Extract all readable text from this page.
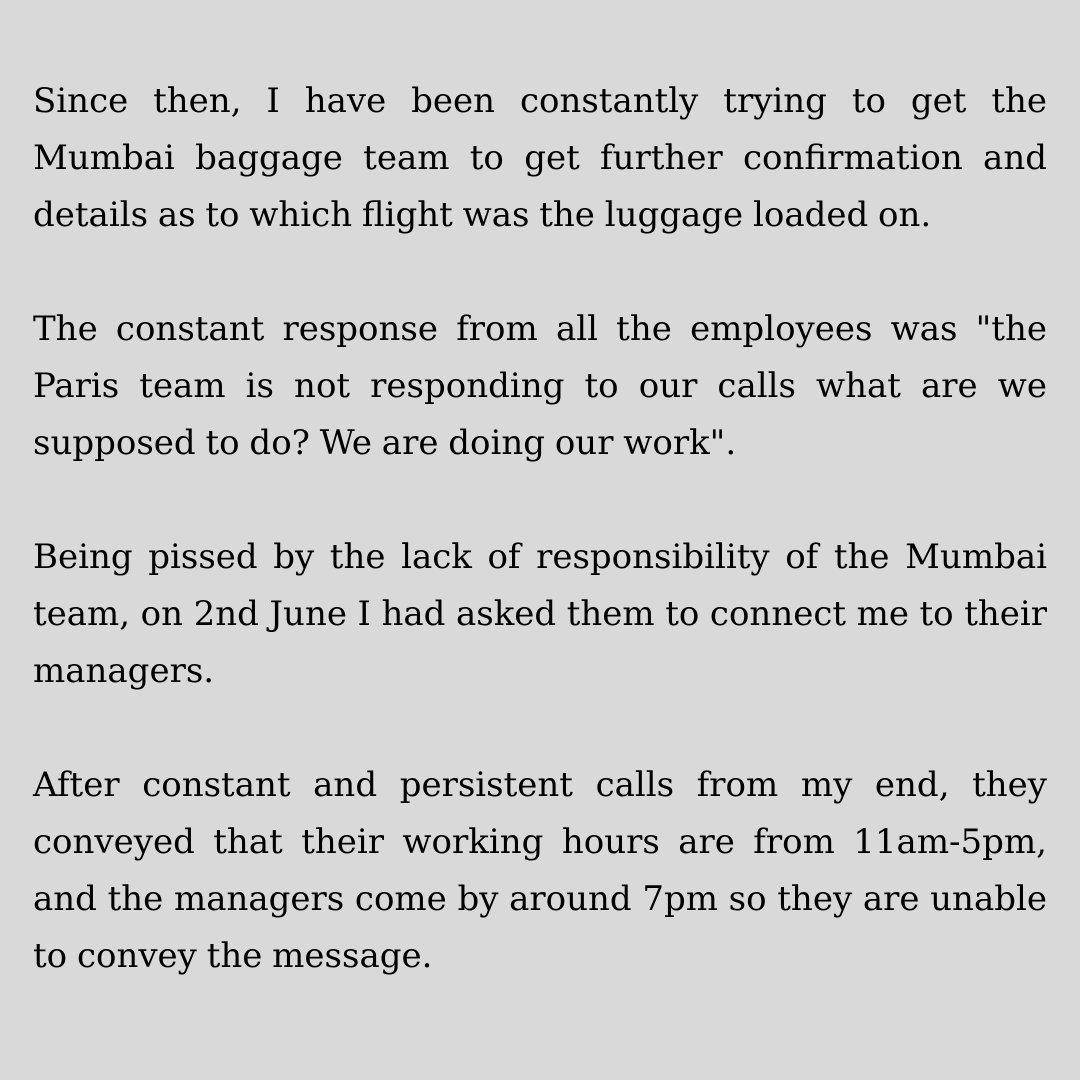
Since then, I have been constantly trying to get the Mumbai baggage team to get further confirmation and details as to which flight was the luggage loaded on.

The constant response from all the employees was "the Paris team is not responding to our calls what are we supposed to do? We are doing our work".

Being pissed by the lack of responsibility of the Mumbai team, on 2nd June I had asked them to connect me to their managers.

After constant and persistent calls from my end, they conveyed that their working hours are from 11am-5pm, and the managers come by around 7pm so they are unable to convey the message.
